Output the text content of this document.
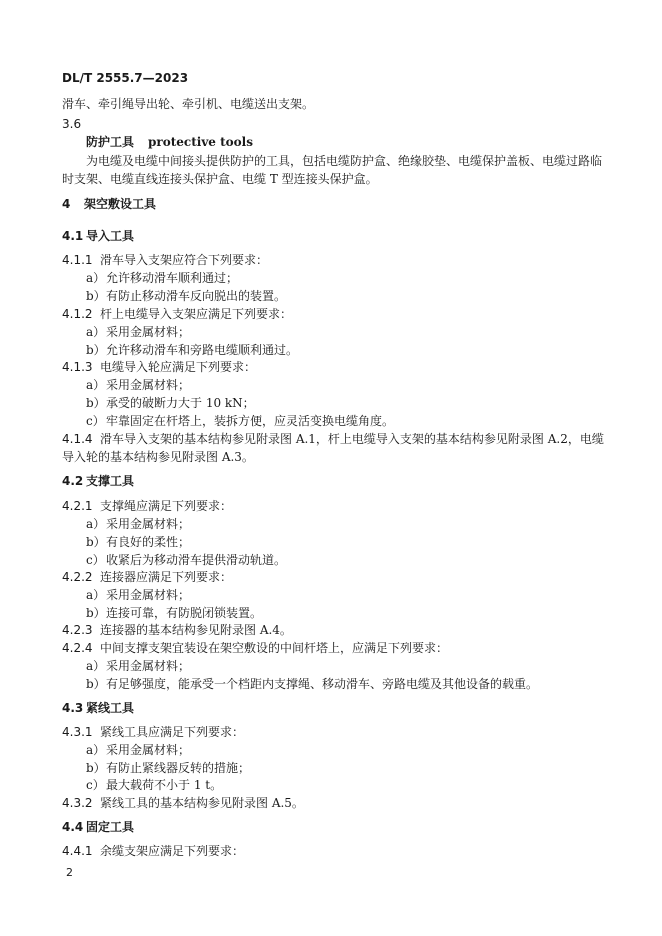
DL/T 2555.7—2023
滑车、牵引绳导出轮、牵引机、电缆送出支架。
3.6
防护工具 protective tools
为电缆及电缆中间接头提供防护的工具，包括电缆防护盒、绝缘胶垫、电缆保护盖板、电缆过路临
时支架、电缆直线连接头保护盒、电缆 T 型连接头保护盒。
4 架空敷设工具
4.1 导入工具
4.1.1 滑车导入支架应符合下列要求：
a）允许移动滑车顺利通过；
b）有防止移动滑车反向脱出的装置。
4.1.2 杆上电缆导入支架应满足下列要求：
a）采用金属材料；
b）允许移动滑车和旁路电缆顺利通过。
4.1.3 电缆导入轮应满足下列要求：
a）采用金属材料；
b）承受的破断力大于 10 kN；
c）牢靠固定在杆塔上，装拆方便，应灵活变换电缆角度。
4.1.4 滑车导入支架的基本结构参见附录图 A.1，杆上电缆导入支架的基本结构参见附录图 A.2，电缆
导入轮的基本结构参见附录图 A.3。
4.2 支撑工具
4.2.1 支撑绳应满足下列要求：
a）采用金属材料；
b）有良好的柔性；
c）收紧后为移动滑车提供滑动轨道。
4.2.2 连接器应满足下列要求：
a）采用金属材料；
b）连接可靠，有防脱闭锁装置。
4.2.3 连接器的基本结构参见附录图 A.4。
4.2.4 中间支撑支架宜装设在架空敷设的中间杆塔上，应满足下列要求：
a）采用金属材料；
b）有足够强度，能承受一个档距内支撑绳、移动滑车、旁路电缆及其他设备的载重。
4.3 紧线工具
4.3.1 紧线工具应满足下列要求：
a）采用金属材料；
b）有防止紧线器反转的措施；
c）最大载荷不小于 1 t。
4.3.2 紧线工具的基本结构参见附录图 A.5。
4.4 固定工具
4.4.1 余缆支架应满足下列要求：
2
